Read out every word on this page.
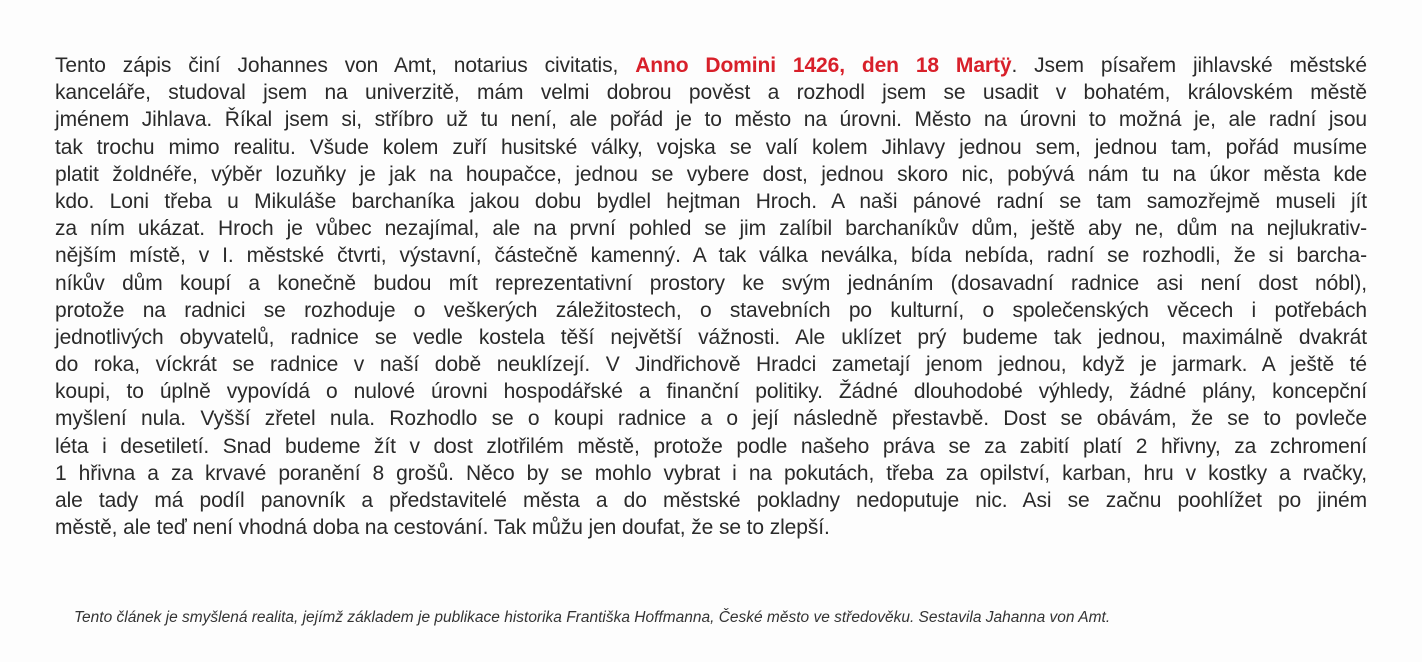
Tento zápis činí Johannes von Amt, notarius civitatis, Anno Domini 1426, den 18 Martÿ. Jsem písařem jihlavské městské
kanceláře, studoval jsem na univerzitě, mám velmi dobrou pověst a rozhodl jsem se usadit v bohatém, královském městě
jménem Jihlava. Říkal jsem si, stříbro už tu není, ale pořád je to město na úrovni. Město na úrovni to možná je, ale radní jsou
tak trochu mimo realitu. Všude kolem zuří husitské války, vojska se valí kolem Jihlavy jednou sem, jednou tam, pořád musíme
platit žoldnéře, výběr lozuňky je jak na houpačce, jednou se vybere dost, jednou skoro nic, pobývá nám tu na úkor města kde
kdo. Loni třeba u Mikuláše barchaníka jakou dobu bydlel hejtman Hroch. A naši pánové radní se tam samozřejmě museli jít
za ním ukázat. Hroch je vůbec nezajímal, ale na první pohled se jim zalíbil barchaníkův dům, ještě aby ne, dům na nejlukrativ-
nějším místě, v I. městské čtvrti, výstavní, částečně kamenný. A tak válka neválka, bída nebída, radní se rozhodli, že si barcha-
níkův dům koupí a konečně budou mít reprezentativní prostory ke svým jednáním (dosavadní radnice asi není dost nóbl),
protože na radnici se rozhoduje o veškerých záležitostech, o stavebních po kulturní, o společenských věcech i potřebách
jednotlivých obyvatelů, radnice se vedle kostela těší největší vážnosti. Ale uklízet prý budeme tak jednou, maximálně dvakrát
do roka, víckrát se radnice v naší době neuklízejí. V Jindřichově Hradci zametají jenom jednou, když je jarmark. A ještě té
koupi, to úplně vypovídá o nulové úrovni hospodářské a finanční politiky. Žádné dlouhodobé výhledy, žádné plány, koncepční
myšlení nula. Vyšší zřetel nula. Rozhodlo se o koupi radnice a o její následně přestavbě. Dost se obávám, že se to povleče
léta i desetiletí. Snad budeme žít v dost zlotřilém městě, protože podle našeho práva se za zabití platí 2 hřivny, za zchromení
1 hřivna a za krvavé poranění 8 grošů. Něco by se mohlo vybrat i na pokutách, třeba za opilství, karban, hru v kostky a rvačky,
ale tady má podíl panovník a představitelé města a do městské pokladny nedoputuje nic. Asi se začnu poohlížet po jiném
městě, ale teď není vhodná doba na cestování. Tak můžu jen doufat, že se to zlepší.
Tento článek je smyšlená realita, jejímž základem je publikace historika Františka Hoffmanna, České město ve středověku. Sestavila Jahanna von Amt.
